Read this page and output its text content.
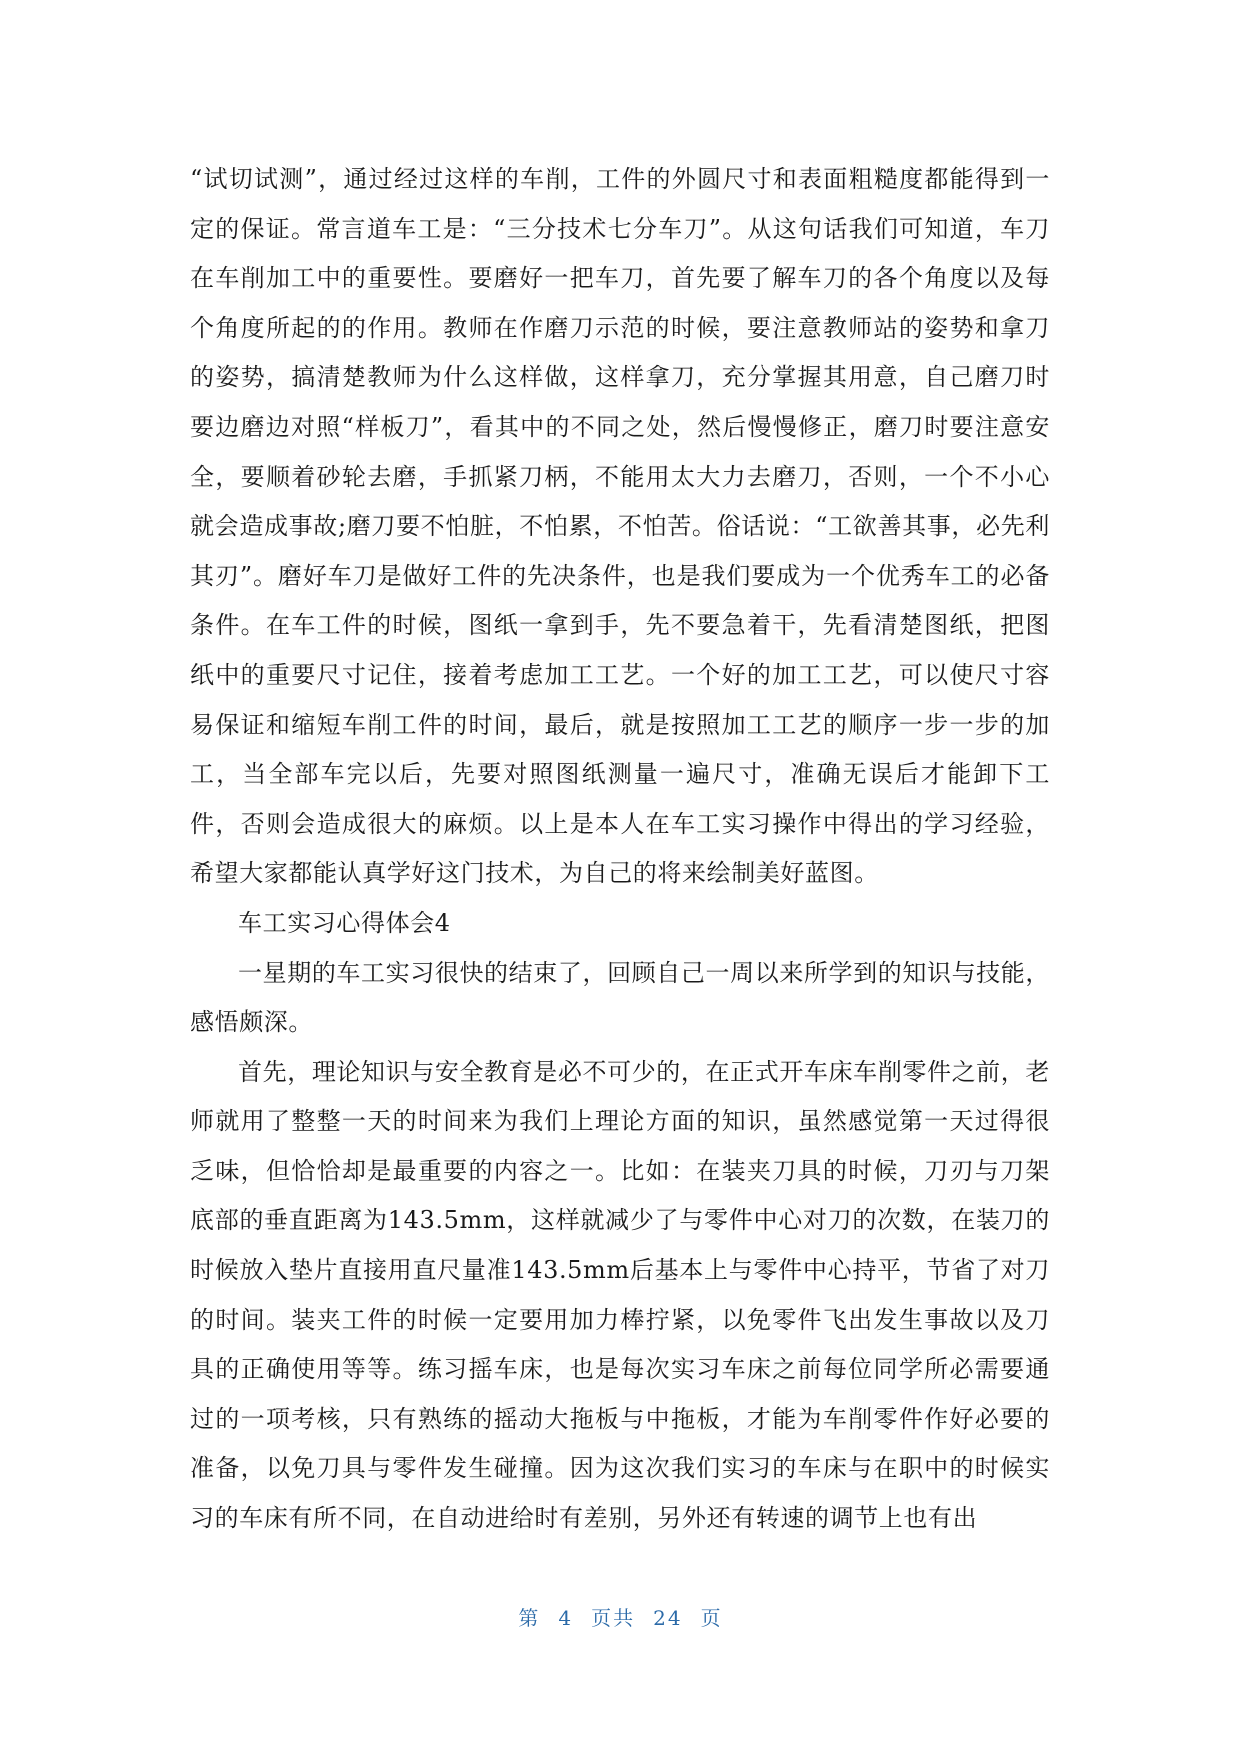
“试切试测”，通过经过这样的车削，工件的外圆尺寸和表面粗糙度都能得到一定的保证。常言道车工是：“三分技术七分车刀”。从这句话我们可知道，车刀在车削加工中的重要性。要磨好一把车刀，首先要了解车刀的各个角度以及每个角度所起的的作用。教师在作磨刀示范的时候，要注意教师站的姿势和拿刀的姿势，搞清楚教师为什么这样做，这样拿刀，充分掌握其用意，自己磨刀时要边磨边对照“样板刀”，看其中的不同之处，然后慢慢修正，磨刀时要注意安全，要顺着砂轮去磨，手抓紧刀柄，不能用太大力去磨刀，否则，一个不小心就会造成事故;磨刀要不怕脏，不怕累，不怕苦。俗话说：“工欲善其事，必先利其刃”。磨好车刀是做好工件的先决条件，也是我们要成为一个优秀车工的必备条件。在车工件的时候，图纸一拿到手，先不要急着干，先看清楚图纸，把图纸中的重要尺寸记住，接着考虑加工工艺。一个好的加工工艺，可以使尺寸容易保证和缩短车削工件的时间，最后，就是按照加工工艺的顺序一步一步的加工，当全部车完以后，先要对照图纸测量一遍尺寸，准确无误后才能卸下工件，否则会造成很大的麻烦。以上是本人在车工实习操作中得出的学习经验，希望大家都能认真学好这门技术，为自己的将来绘制美好蓝图。

车工实习心得体会4

一星期的车工实习很快的结束了，回顾自己一周以来所学到的知识与技能，感悟颇深。

首先，理论知识与安全教育是必不可少的，在正式开车床车削零件之前，老师就用了整整一天的时间来为我们上理论方面的知识，虽然感觉第一天过得很乏味，但恰恰却是最重要的内容之一。比如：在装夹刀具的时候，刀刃与刀架底部的垂直距离为143.5mm，这样就减少了与零件中心对刀的次数，在装刀的时候放入垫片直接用直尺量准143.5mm后基本上与零件中心持平，节省了对刀的时间。装夹工件的时候一定要用加力棒拧紧，以免零件飞出发生事故以及刀具的正确使用等等。练习摇车床，也是每次实习车床之前每位同学所必需要通过的一项考核，只有熟练的摇动大拖板与中拖板，才能为车削零件作好必要的准备，以免刀具与零件发生碰撞。因为这次我们实习的车床与在职中的时候实习的车床有所不同，在自动进给时有差别，另外还有转速的调节上也有出

第 4 页共 24 页
